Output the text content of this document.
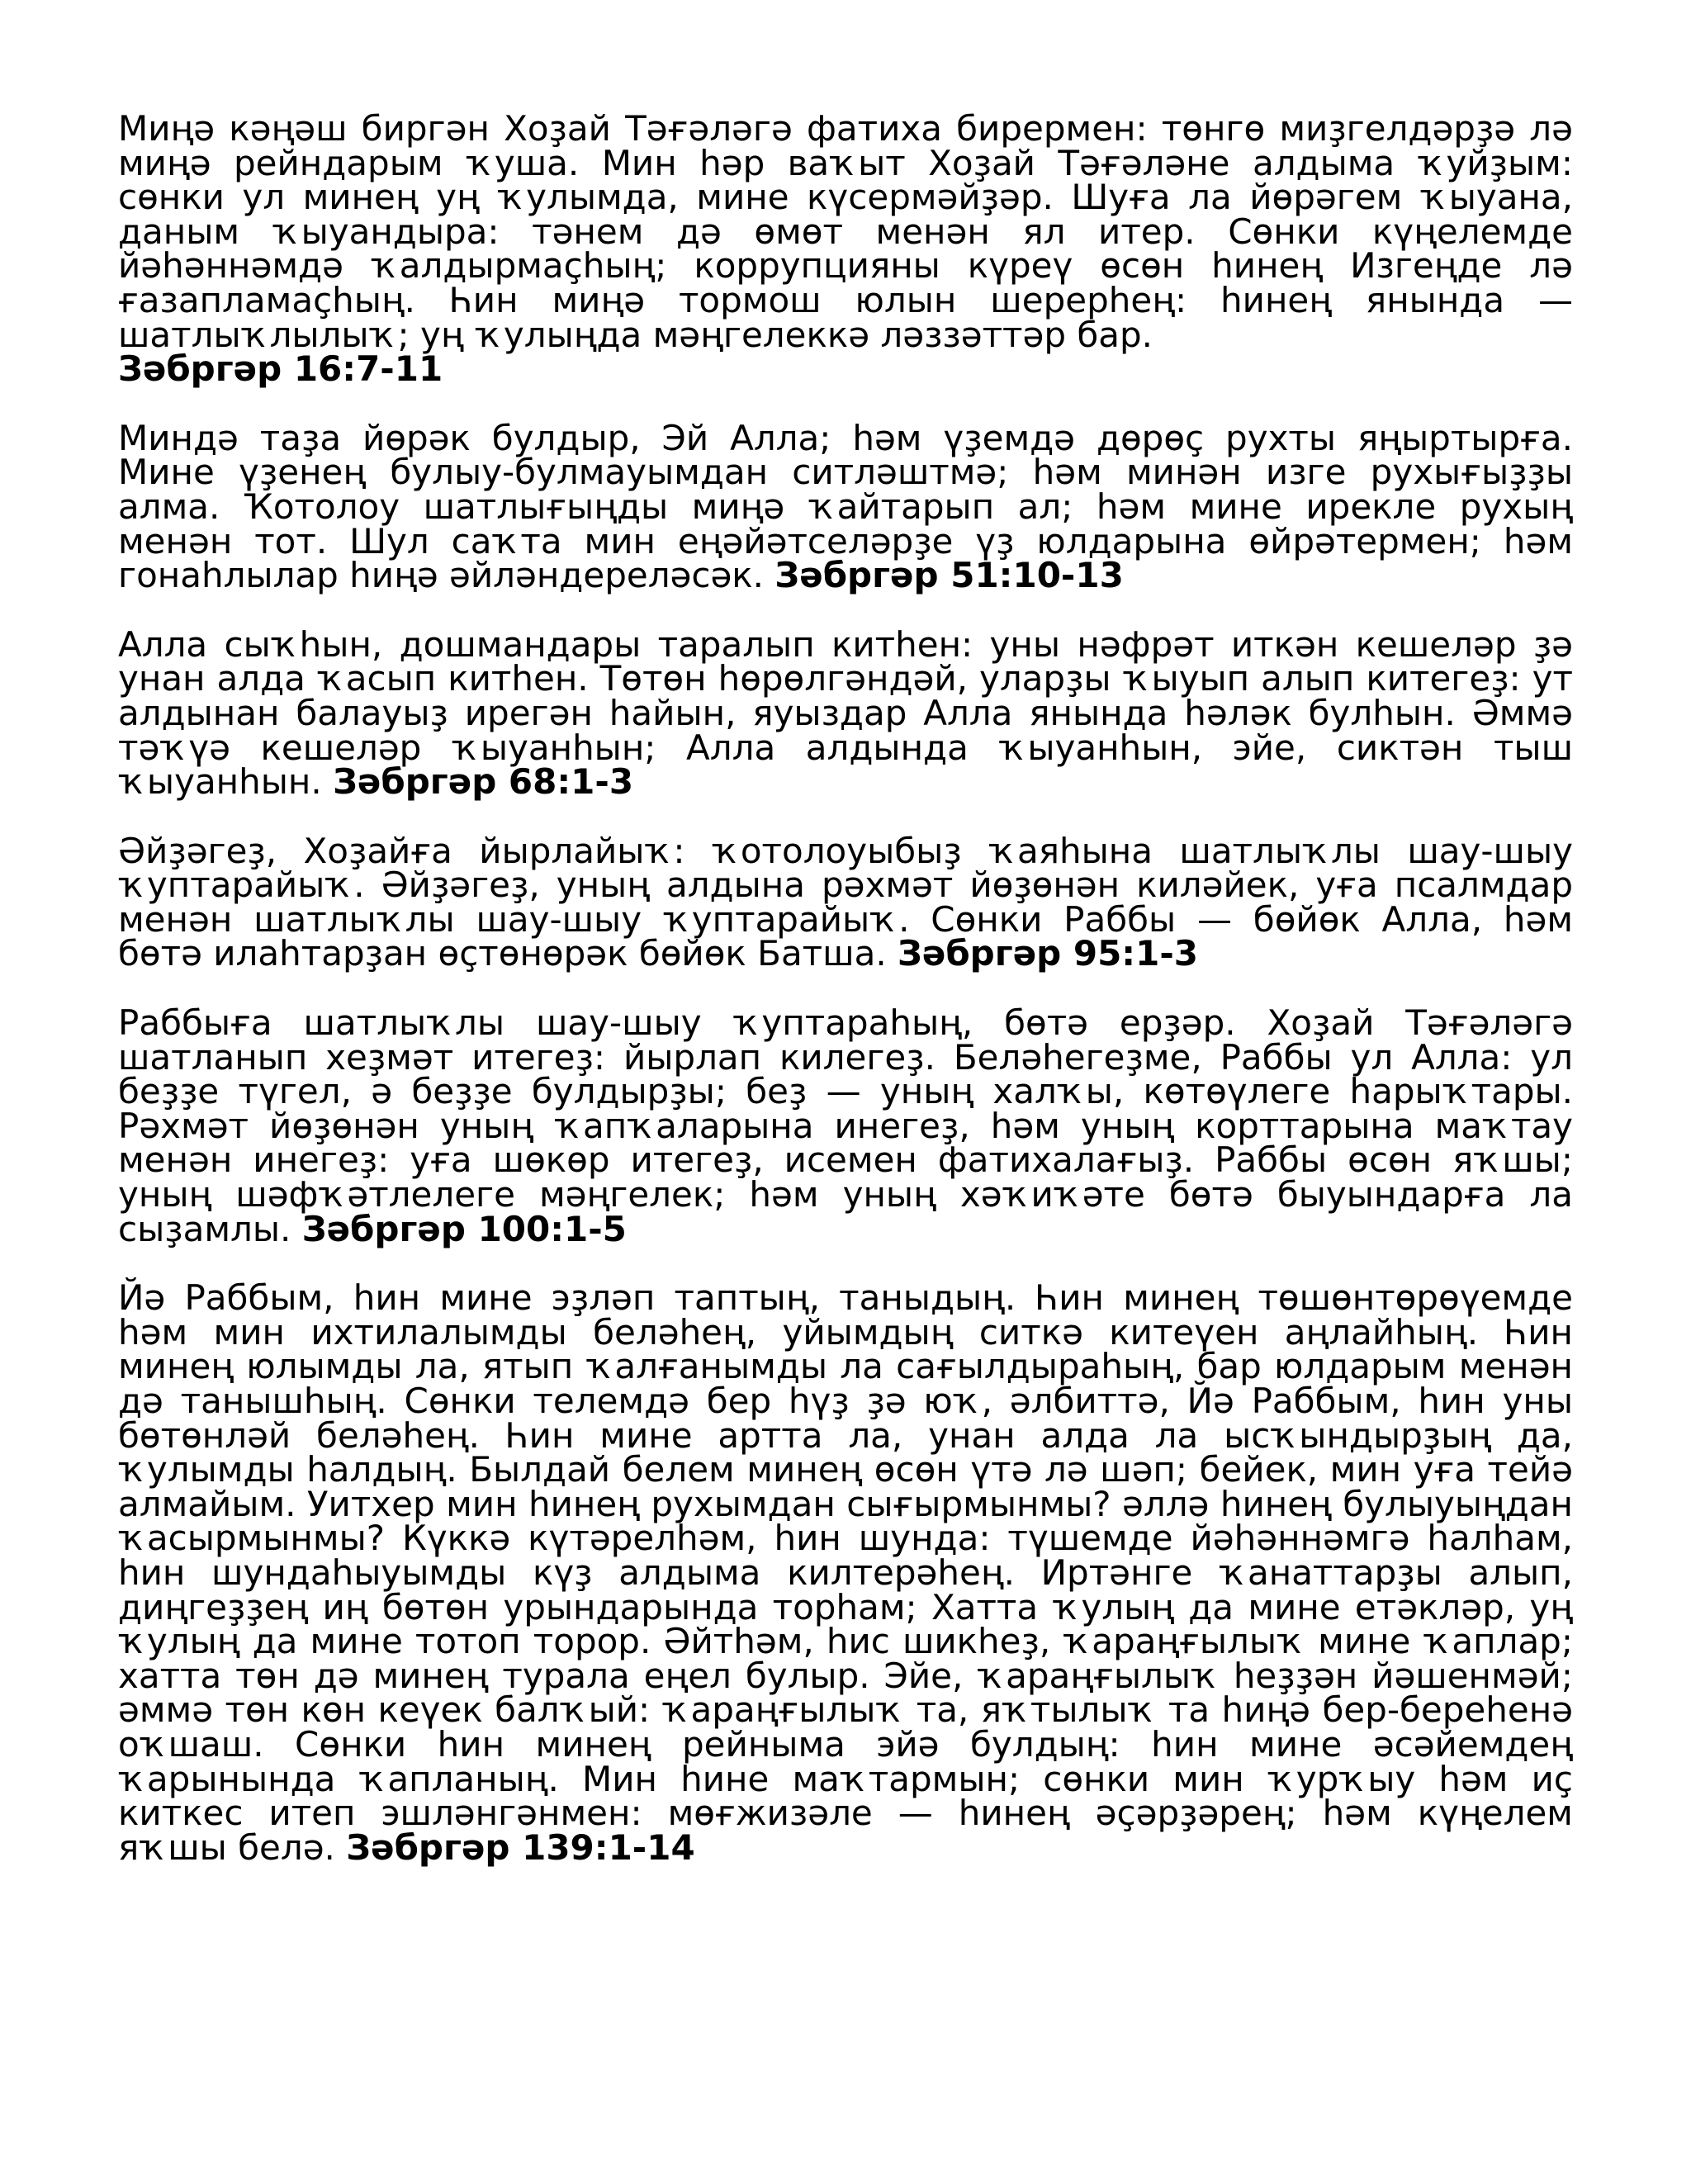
Миңә кәңәш биргән Хоҙай Тәғәләгә фатиха бирермен: төнгө миҙгелдәрҙә лә миңә рейндарым ҡуша. Мин һәр ваҡыт Хоҙай Тәғәләне алдыма ҡуйҙым: сөнки ул минең уң ҡулымда, мине күсермәйҙәр. Шуға ла йөрәгем ҡыуана, даным ҡыуандыра: тәнем дә өмөт менән ял итер. Сөнки күңелемде йәһәннәмдә ҡалдырмаҫһың; коррупцияны күреү өсөн һинең Изгеңде лә ғазапламаҫһың. Һин миңә тормош юлын шерерһең: һинең янында — шатлыҡлылыҡ; уң ҡулыңда мәңгелеккә ләззәттәр бар.
Зәбргәр 16:7-11

Миндә таҙа йөрәк булдыр, Эй Алла; һәм үҙемдә дөрөҫ рухты яңыртырға. Мине үҙенең булыу-булмауымдан ситләштмә; һәм минән изге рухығыҙҙы алма. Ҡотолоу шатлығыңды миңә ҡайтарып ал; һәм мине ирекле рухың менән тот. Шул саҡта мин еңәйәтселәрҙе үҙ юлдарына өйрәтермен; һәм гонаһлылар һиңә әйләндереләсәк. Зәбргәр 51:10-13

Алла сыҡһын, дошмандары таралып китһен: уны нәфрәт иткән кешеләр ҙә унан алда ҡасып китһен. Төтөн һөрөлгәндәй, уларҙы ҡыуып алып китегеҙ: ут алдынан балауыҙ ирегән һайын, яуыздар Алла янында һәләк булһын. Әммә тәҡүә кешеләр ҡыуанһын; Алла алдында ҡыуанһын, эйе, сиктән тыш ҡыуанһын. Зәбргәр 68:1-3

Әйҙәгеҙ, Хоҙайға йырлайыҡ: ҡотолоуыбыҙ ҡаяһына шатлыҡлы шау-шыу ҡуптарайыҡ. Әйҙәгеҙ, уның алдына рәхмәт йөҙөнән киләйек, уға псалмдар менән шатлыҡлы шау-шыу ҡуптарайыҡ. Сөнки Раббы — бөйөк Алла, һәм бөтә илаһтарҙан өҫтөнөрәк бөйөк Батша. Зәбргәр 95:1-3

Раббыға шатлыҡлы шау-шыу ҡуптараһың, бөтә ерҙәр. Хоҙай Тәғәләгә шатланып хеҙмәт итегеҙ: йырлап килегеҙ. Беләһегеҙме, Раббы ул Алла: ул беҙҙе түгел, ә беҙҙе булдырҙы; беҙ — уның халҡы, көтөүлеге һарыҡтары. Рәхмәт йөҙөнән уның ҡапҡаларына инегеҙ, һәм уның корттарына маҡтау менән инегеҙ: уға шөкөр итегеҙ, исемен фатихалағыҙ. Раббы өсөн яҡшы; уның шәфҡәтлелеге мәңгелек; һәм уның хәҡиҡәте бөтә быуындарға ла сыҙамлы. Зәбргәр 100:1-5

Йә Раббым, һин мине эҙләп таптың, таныдың. Һин минең төшөнтөрөүемде һәм мин ихтилалымды беләһең, уйымдың ситкә китеүен аңлайһың. Һин минең юлымды ла, ятып ҡалғанымды ла сағылдыраһың, бар юлдарым менән дә танышһың. Сөнки телемдә бер һүҙ ҙә юҡ, әлбиттә, Йә Раббым, һин уны бөтөнләй беләһең. Һин мине артта ла, унан алда ла ысҡындырҙың да, ҡулымды һалдың. Былдай белем минең өсөн үтә лә шәп; бейек, мин уға тейә алмайым. Уитхер мин һинең рухымдан сығырмынмы? әллә һинең булыуыңдан ҡасырмынмы? Күккә күтәрелһәм, һин шунда: түшемде йәһәннәмгә һалһам, һин шундаһыуымды күҙ алдыма килтерәһең. Иртәнге ҡанаттарҙы алып, диңгеҙҙең иң бөтөн урындарында торһам; Хатта ҡулың да мине етәкләр, уң ҡулың да мине тотоп торор. Әйтһәм, һис шикһеҙ, ҡараңғылыҡ мине ҡаплар; хатта төн дә минең турала еңел булыр. Эйе, ҡараңғылыҡ һеҙҙән йәшенмәй; әммә төн көн кеүек балҡый: ҡараңғылыҡ та, яҡтылыҡ та һиңә бер-береһенә оҡшаш. Сөнки һин минең рейныма эйә булдың: һин мине әсәйемдең ҡарынында ҡапланың. Мин һине маҡтармын; сөнки мин ҡурҡыу һәм иҫ киткес итеп эшләнгәнмен: мөғжизәле — һинең әҫәрҙәрең; һәм күңелем яҡшы белә. Зәбргәр 139:1-14
